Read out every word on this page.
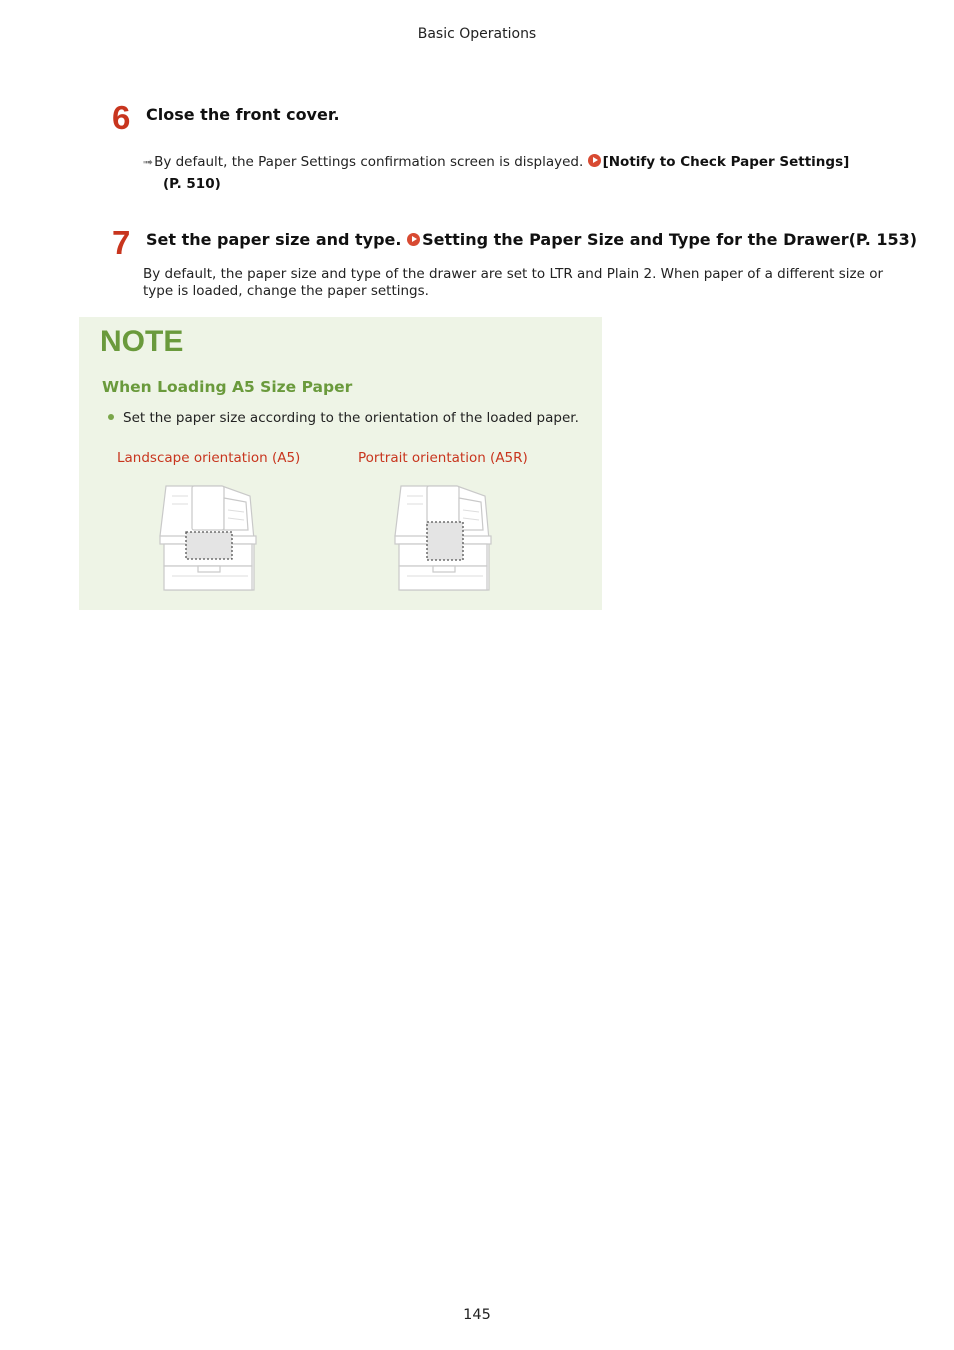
Basic Operations
6 Close the front cover.
➟ By default, the Paper Settings confirmation screen is displayed. [Notify to Check Paper Settings]
(P. 510)
7 Set the paper size and type. Setting the Paper Size and Type for the Drawer(P. 153)
By default, the paper size and type of the drawer are set to LTR and Plain 2. When paper of a different size or type is loaded, change the paper settings.
NOTE
When Loading A5 Size Paper
Set the paper size according to the orientation of the loaded paper.
Landscape orientation (A5)	Portrait orientation (A5R)
145
